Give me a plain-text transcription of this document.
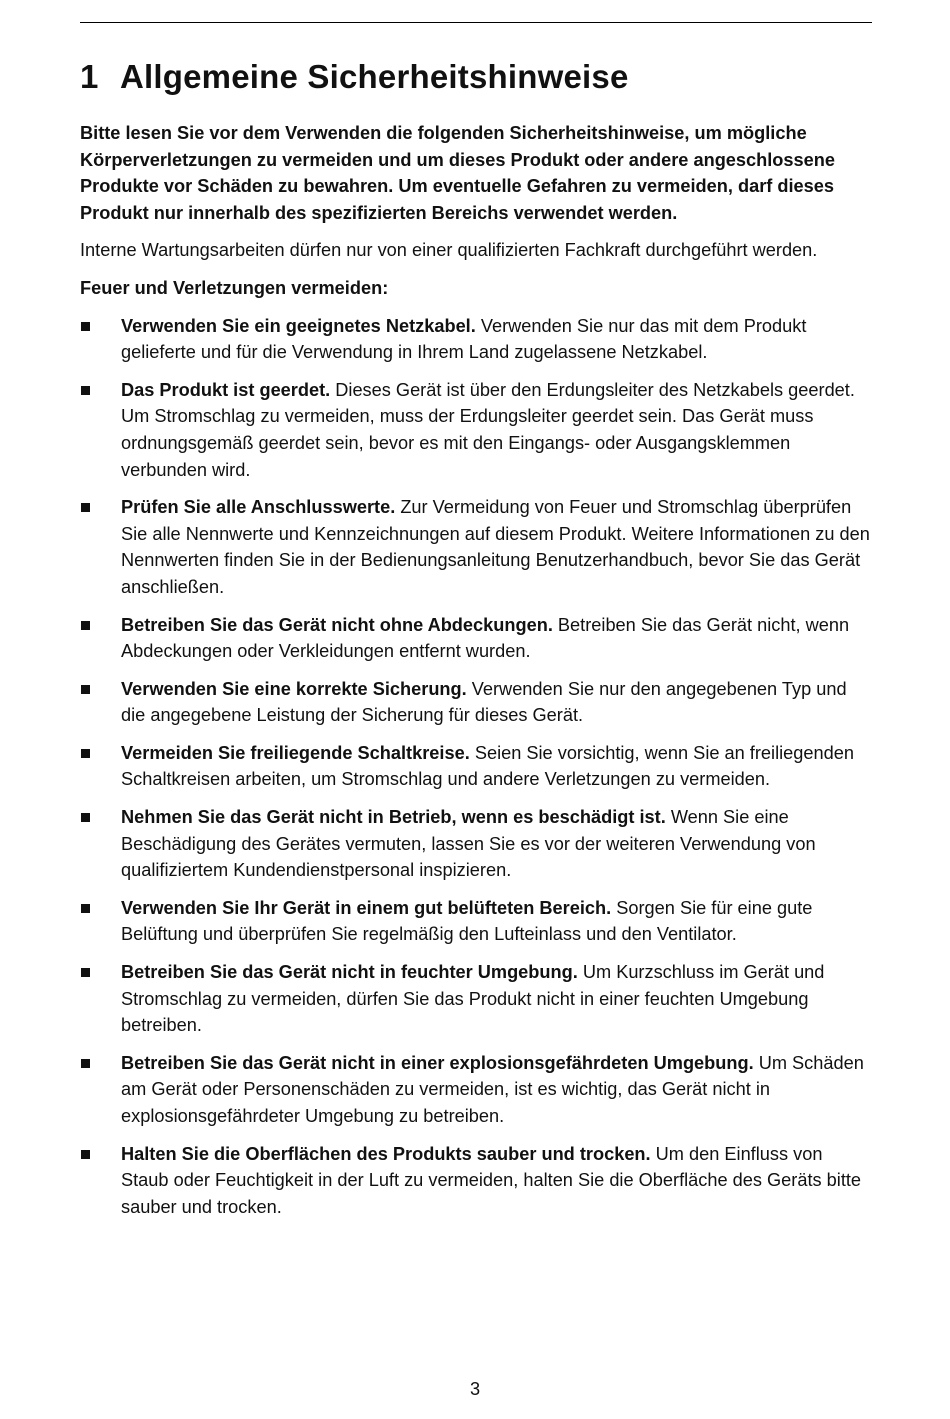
1 Allgemeine Sicherheitshinweise

Bitte lesen Sie vor dem Verwenden die folgenden Sicherheitshinweise, um mögliche Körperverletzungen zu vermeiden und um dieses Produkt oder andere angeschlossene Produkte vor Schäden zu bewahren. Um eventuelle Gefahren zu vermeiden, darf dieses Produkt nur innerhalb des spezifizierten Bereichs verwendet werden.

Interne Wartungsarbeiten dürfen nur von einer qualifizierten Fachkraft durchgeführt werden.

Feuer und Verletzungen vermeiden:

Verwenden Sie ein geeignetes Netzkabel. Verwenden Sie nur das mit dem Produkt gelieferte und für die Verwendung in Ihrem Land zugelassene Netzkabel.
Das Produkt ist geerdet. Dieses Gerät ist über den Erdungsleiter des Netzkabels geerdet. Um Stromschlag zu vermeiden, muss der Erdungsleiter geerdet sein. Das Gerät muss ordnungsgemäß geerdet sein, bevor es mit den Eingangs- oder Ausgangsklemmen verbunden wird.
Prüfen Sie alle Anschlusswerte. Zur Vermeidung von Feuer und Stromschlag überprüfen Sie alle Nennwerte und Kennzeichnungen auf diesem Produkt. Weitere Informationen zu den Nennwerten finden Sie in der Bedienungsanleitung Benutzerhandbuch, bevor Sie das Gerät anschließen.
Betreiben Sie das Gerät nicht ohne Abdeckungen. Betreiben Sie das Gerät nicht, wenn Abdeckungen oder Verkleidungen entfernt wurden.
Verwenden Sie eine korrekte Sicherung. Verwenden Sie nur den angegebenen Typ und die angegebene Leistung der Sicherung für dieses Gerät.
Vermeiden Sie freiliegende Schaltkreise. Seien Sie vorsichtig, wenn Sie an freiliegenden Schaltkreisen arbeiten, um Stromschlag und andere Verletzungen zu vermeiden.
Nehmen Sie das Gerät nicht in Betrieb, wenn es beschädigt ist. Wenn Sie eine Beschädigung des Gerätes vermuten, lassen Sie es vor der weiteren Verwendung von qualifiziertem Kundendienstpersonal inspizieren.
Verwenden Sie Ihr Gerät in einem gut belüfteten Bereich. Sorgen Sie für eine gute Belüftung und überprüfen Sie regelmäßig den Lufteinlass und den Ventilator.
Betreiben Sie das Gerät nicht in feuchter Umgebung. Um Kurzschluss im Gerät und Stromschlag zu vermeiden, dürfen Sie das Produkt nicht in einer feuchten Umgebung betreiben.
Betreiben Sie das Gerät nicht in einer explosionsgefährdeten Umgebung. Um Schäden am Gerät oder Personenschäden zu vermeiden, ist es wichtig, das Gerät nicht in explosionsgefährdeter Umgebung zu betreiben.
Halten Sie die Oberflächen des Produkts sauber und trocken. Um den Einfluss von Staub oder Feuchtigkeit in der Luft zu vermeiden, halten Sie die Oberfläche des Geräts bitte sauber und trocken.
3
